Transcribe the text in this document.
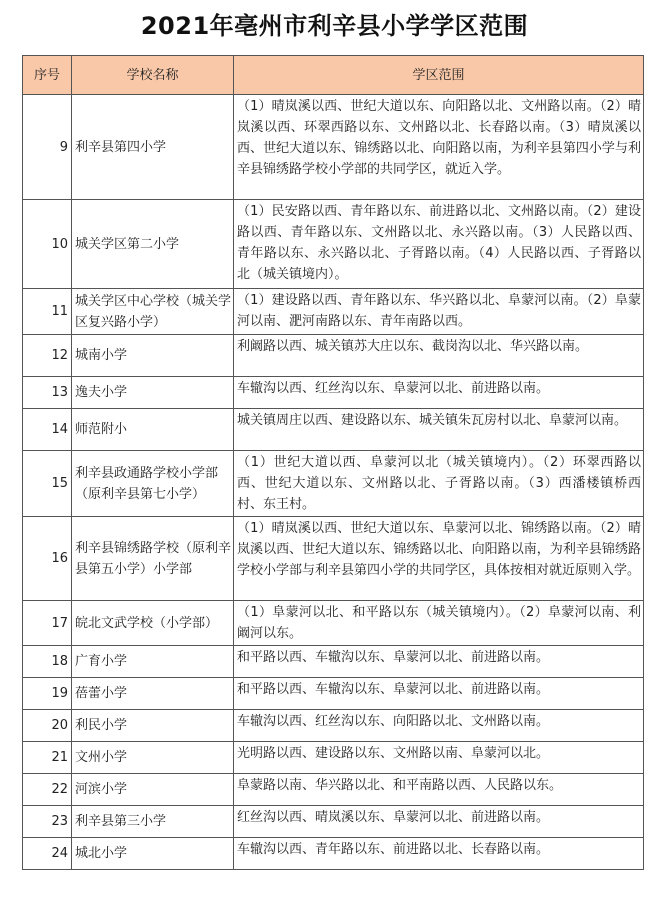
2021年亳州市利辛县小学学区范围
序号	学校名称	学区范围
9	利辛县第四小学	（1）晴岚溪以西、世纪大道以东、向阳路以北、文州路以南。（2）晴岚溪以西、环翠西路以东、文州路以北、长春路以南。（3）晴岚溪以西、世纪大道以东、锦绣路以北、向阳路以南，为利辛县第四小学与利辛县锦绣路学校小学部的共同学区，就近入学。
10	城关学区第二小学	（1）民安路以西、青年路以东、前进路以北、文州路以南。（2）建设路以西、青年路以东、文州路以北、永兴路以南。（3）人民路以西、青年路以东、永兴路以北、子胥路以南。（4）人民路以西、子胥路以北（城关镇境内）。
11	城关学区中心学校（城关学区复兴路小学）	（1）建设路以西、青年路以东、华兴路以北、阜蒙河以南。（2）阜蒙河以南、淝河南路以东、青年南路以西。
12	城南小学	利阚路以西、城关镇苏大庄以东、截岗沟以北、华兴路以南。
13	逸夫小学	车辙沟以西、红丝沟以东、阜蒙河以北、前进路以南。
14	师范附小	城关镇周庄以西、建设路以东、城关镇朱瓦房村以北、阜蒙河以南。
15	利辛县政通路学校小学部（原利辛县第七小学）	（1）世纪大道以西、阜蒙河以北（城关镇境内）。（2）环翠西路以西、世纪大道以东、文州路以北、子胥路以南。（3）西潘楼镇桥西村、东王村。
16	利辛县锦绣路学校（原利辛县第五小学）小学部	（1）晴岚溪以西、世纪大道以东、阜蒙河以北、锦绣路以南。（2）晴岚溪以西、世纪大道以东、锦绣路以北、向阳路以南，为利辛县锦绣路学校小学部与利辛县第四小学的共同学区，具体按相对就近原则入学。
17	皖北文武学校（小学部）	（1）阜蒙河以北、和平路以东（城关镇境内）。（2）阜蒙河以南、利阚河以东。
18	广育小学	和平路以西、车辙沟以东、阜蒙河以北、前进路以南。
19	蓓蕾小学	和平路以西、车辙沟以东、阜蒙河以北、前进路以南。
20	利民小学	车辙沟以西、红丝沟以东、向阳路以北、文州路以南。
21	文州小学	光明路以西、建设路以东、文州路以南、阜蒙河以北。
22	河滨小学	阜蒙路以南、华兴路以北、和平南路以西、人民路以东。
23	利辛县第三小学	红丝沟以西、晴岚溪以东、阜蒙河以北、前进路以南。
24	城北小学	车辙沟以西、青年路以东、前进路以北、长春路以南。
